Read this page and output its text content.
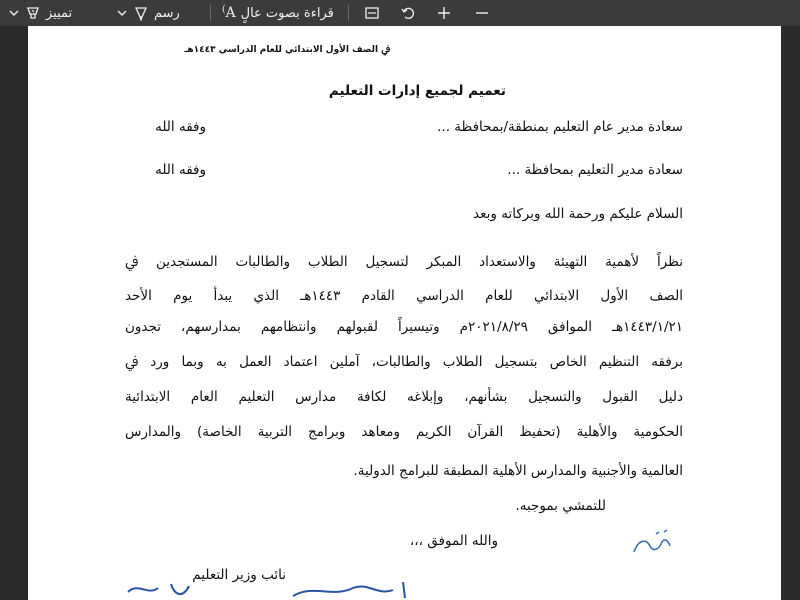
تمييز	رسم	قراءة بصوت عالٍ
A)
ﰲ الصف الأول الابتدائي للعام الدراسي ١٤٤٣هـ
تعميم لجميع إدارات التعليم
سعادة مدير عام التعليم بمنطقة/بمحافظة ...
وفقه الله
سعادة مدير التعليم بمحافظة ...
وفقه الله
السلام عليكم ورحمة الله وبركاته وبعد
نظراً لأهمية التهيئة والاستعداد المبكر لتسجيل الطلاب والطالبات المستجدين ﰲ
الصف الأول الابتدائي للعام الدراسي القادم ١٤٤٣هـ الذي يبدأ يوم الأحد
١٤٤٣/١/٢١هـ الموافق ٢٠٢١/٨/٢٩م وتيسيراً لقبولهم وانتظامهم بمدارسهم، تجدون
برفقه التنظيم الخاص بتسجيل الطلاب والطالبات، آملين اعتماد العمل به وبما ورد ﰲ
دليل القبول والتسجيل بشأنهم، وإبلاغه لكافة مدارس التعليم العام الابتدائية
الحكومية والأهلية (تحفيظ القرآن الكريم ومعاهد وبرامج التربية الخاصة) والمدارس
العالمية والأجنبية والمدارس الأهلية المطبقة للبرامج الدولية.
للتمشي بموجبه.
والله الموفق ،،،
نائب وزير التعليم
